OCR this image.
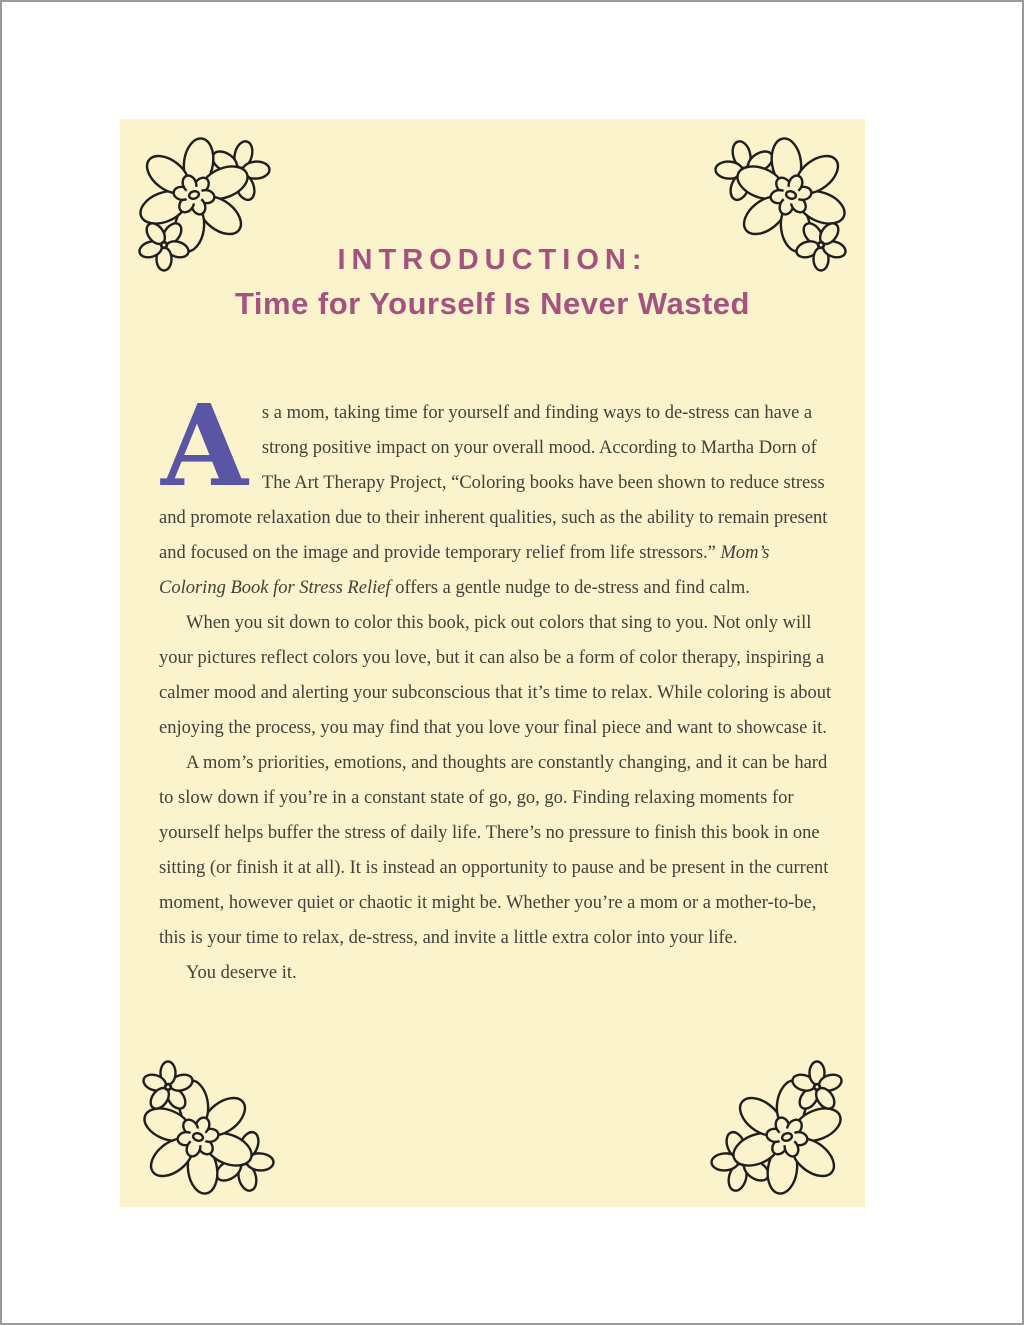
INTRODUCTION:
Time for Yourself Is Never Wasted

As a mom, taking time for yourself and finding ways to de-stress can have a strong positive impact on your overall mood. According to Martha Dorn of The Art Therapy Project, “Coloring books have been shown to reduce stress and promote relaxation due to their inherent qualities, such as the ability to remain present and focused on the image and provide temporary relief from life stressors.” Mom’s Coloring Book for Stress Relief offers a gentle nudge to de-stress and find calm.

When you sit down to color this book, pick out colors that sing to you. Not only will your pictures reflect colors you love, but it can also be a form of color therapy, inspiring a calmer mood and alerting your subconscious that it’s time to relax. While coloring is about enjoying the process, you may find that you love your final piece and want to showcase it.

A mom’s priorities, emotions, and thoughts are constantly changing, and it can be hard to slow down if you’re in a constant state of go, go, go. Finding relaxing moments for yourself helps buffer the stress of daily life. There’s no pressure to finish this book in one sitting (or finish it at all). It is instead an opportunity to pause and be present in the current moment, however quiet or chaotic it might be. Whether you’re a mom or a mother-to-be, this is your time to relax, de-stress, and invite a little extra color into your life.

You deserve it.
